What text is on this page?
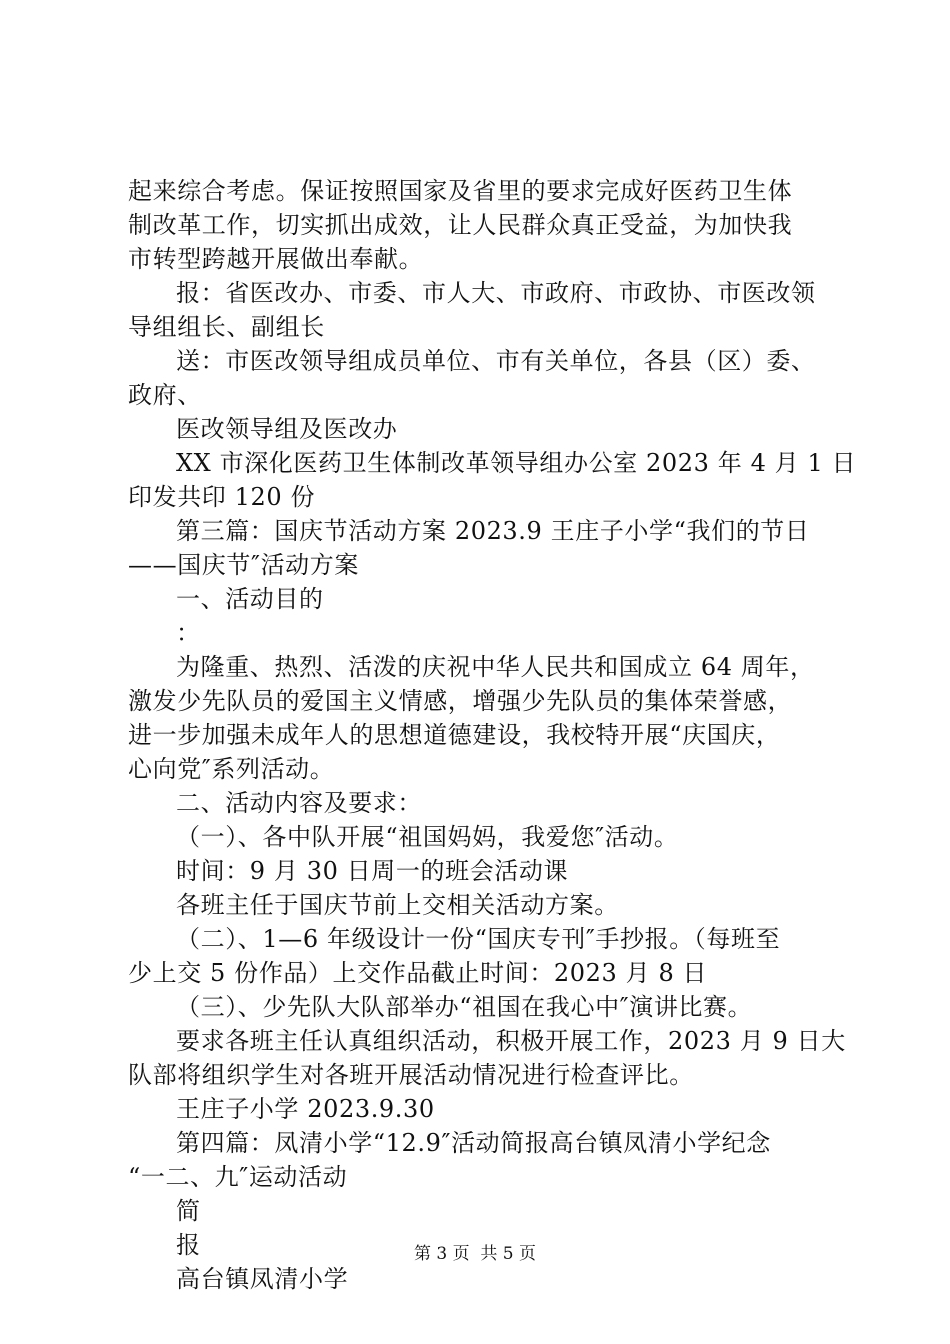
起来综合考虑。保证按照国家及省里的要求完成好医药卫生体
制改革工作，切实抓出成效，让人民群众真正受益，为加快我
市转型跨越开展做出奉献。
报：省医改办、市委、市人大、市政府、市政协、市医改领
导组组长、副组长
送：市医改领导组成员单位、市有关单位，各县（区）委、
政府、
医改领导组及医改办
XX 市深化医药卫生体制改革领导组办公室 2023 年 4 月 1 日
印发共印 120 份
第三篇：国庆节活动方案 2023.9 王庄子小学“我们的节日
——国庆节″活动方案
一、活动目的
：
为隆重、热烈、活泼的庆祝中华人民共和国成立 64 周年，
激发少先队员的爱国主义情感，增强少先队员的集体荣誉感，
进一步加强未成年人的思想道德建设，我校特开展“庆国庆，
心向党″系列活动。
二、活动内容及要求：
（一）、各中队开展“祖国妈妈，我爱您″活动。
时间：9 月 30 日周一的班会活动课
各班主任于国庆节前上交相关活动方案。
（二）、1—6 年级设计一份“国庆专刊″手抄报。（每班至
少上交 5 份作品）上交作品截止时间：2023 月 8 日
（三）、少先队大队部举办“祖国在我心中″演讲比赛。
要求各班主任认真组织活动，积极开展工作，2023 月 9 日大
队部将组织学生对各班开展活动情况进行检查评比。
王庄子小学 2023.9.30
第四篇：凤清小学“12.9″活动简报高台镇凤清小学纪念
“一二、九″运动活动
简
报
高台镇凤清小学
第 3 页  共 5 页
